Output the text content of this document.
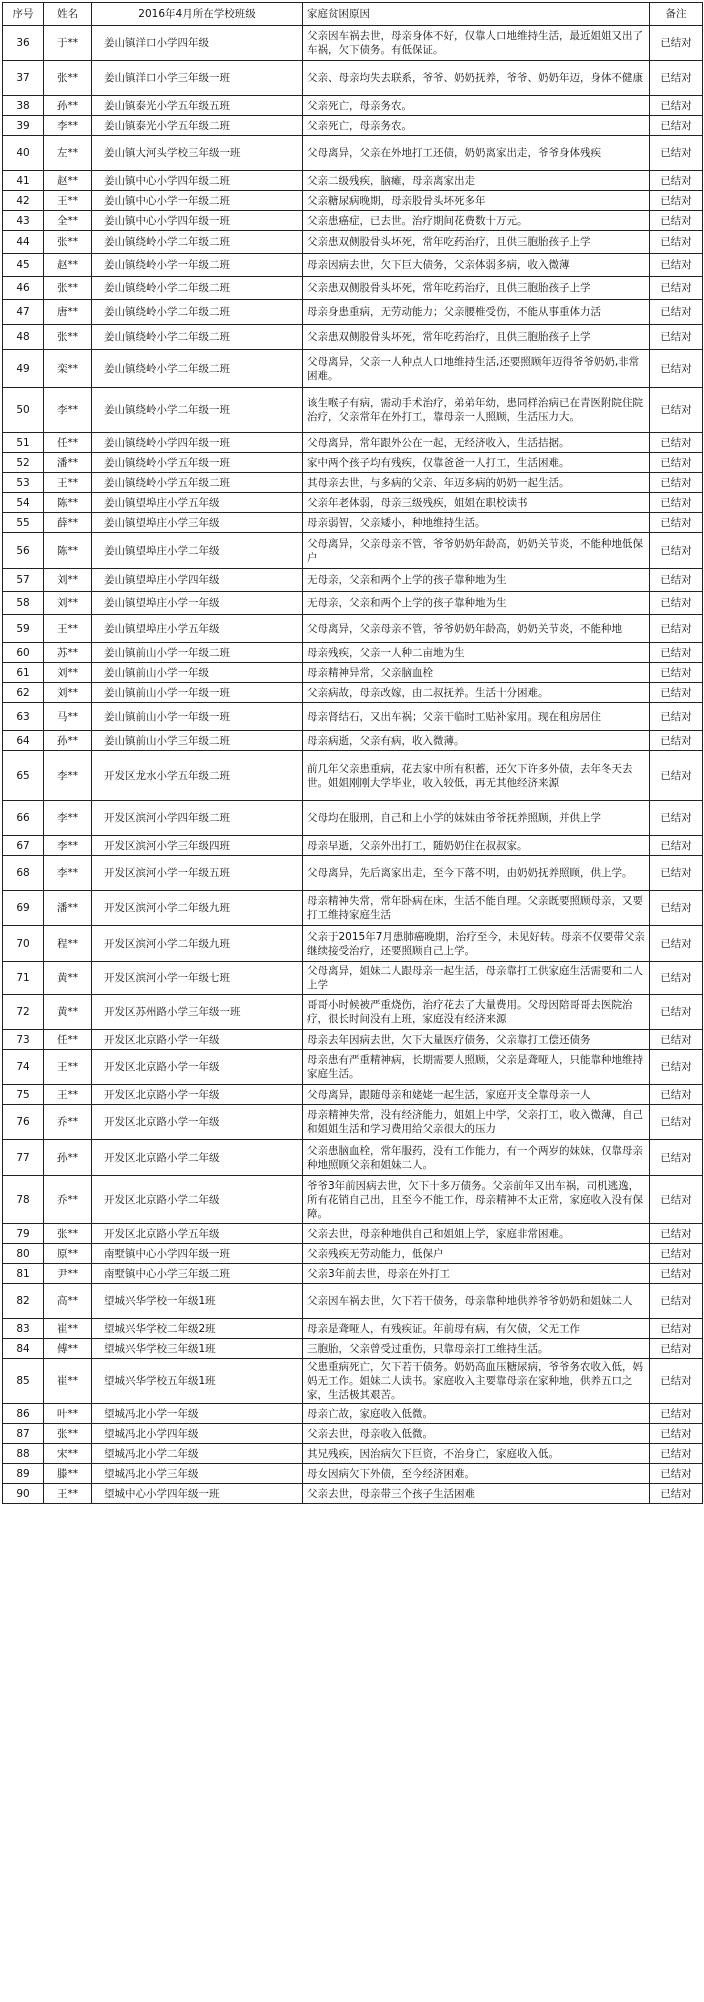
序号	姓名	2016年4月所在学校班级	家庭贫困原因	备注
36	于**	姜山镇洋口小学四年级	父亲因车祸去世，母亲身体不好，仅靠人口地维持生活，最近姐姐又出了车祸，欠下债务。有低保证。	已结对
37	张**	姜山镇洋口小学三年级一班	父亲、母亲均失去联系，爷爷、奶奶抚养，爷爷、奶奶年迈，身体不健康	已结对
38	孙**	姜山镇泰光小学五年级五班	父亲死亡，母亲务农。	已结对
39	李**	姜山镇泰光小学五年级二班	父亲死亡，母亲务农。	已结对
40	左**	姜山镇大河头学校三年级一班	父母离异，父亲在外地打工还债，奶奶离家出走，爷爷身体残疾	已结对
41	赵**	姜山镇中心小学四年级二班	父亲二级残疾，脑瘫，母亲离家出走	已结对
42	王**	姜山镇中心小学一年级二班	父亲糖尿病晚期，母亲股骨头坏死多年	已结对
43	全**	姜山镇中心小学四年级一班	父亲患癌症，已去世。治疗期间花费数十万元。	已结对
44	张**	姜山镇绕岭小学二年级二班	父亲患双侧股骨头坏死，常年吃药治疗，且供三胞胎孩子上学	已结对
45	赵**	姜山镇绕岭小学一年级二班	母亲因病去世，欠下巨大债务，父亲体弱多病，收入微薄	已结对
46	张**	姜山镇绕岭小学二年级二班	父亲患双侧股骨头坏死，常年吃药治疗，且供三胞胎孩子上学	已结对
47	唐**	姜山镇绕岭小学二年级二班	母亲身患重病，无劳动能力；父亲腰椎受伤，不能从事重体力活	已结对
48	张**	姜山镇绕岭小学二年级二班	父亲患双侧股骨头坏死，常年吃药治疗，且供三胞胎孩子上学	已结对
49	栾**	姜山镇绕岭小学二年级二班	父母离异，父亲一人种点人口地维持生活,还要照顾年迈得爷爷奶奶,非常困难。	已结对
50	李**	姜山镇绕岭小学二年级一班	该生喉子有病，需动手术治疗，弟弟年幼，患同样治病已在青医附院住院治疗，父亲常年在外打工，靠母亲一人照顾，生活压力大。	已结对
51	任**	姜山镇绕岭小学四年级一班	父母离异，常年跟外公在一起，无经济收入，生活拮据。	已结对
52	潘**	姜山镇绕岭小学五年级一班	家中两个孩子均有残疾，仅靠爸爸一人打工，生活困难。	已结对
53	王**	姜山镇绕岭小学五年级二班	其母亲去世，与多病的父亲、年迈多病的奶奶一起生活。	已结对
54	陈**	姜山镇望埠庄小学五年级	父亲年老体弱，母亲三级残疾，姐姐在职校读书	已结对
55	薛**	姜山镇望埠庄小学三年级	母亲弱智，父亲矮小，种地维持生活。	已结对
56	陈**	姜山镇望埠庄小学二年级	父母离异，父亲母亲不管，爷爷奶奶年龄高，奶奶关节炎，不能种地低保户	已结对
57	刘**	姜山镇望埠庄小学四年级	无母亲，父亲和两个上学的孩子靠种地为生	已结对
58	刘**	姜山镇望埠庄小学一年级	无母亲，父亲和两个上学的孩子靠种地为生	已结对
59	王**	姜山镇望埠庄小学五年级	父母离异，父亲母亲不管，爷爷奶奶年龄高，奶奶关节炎，不能种地	已结对
60	苏**	姜山镇前山小学一年级二班	母亲残疾，父亲一人种二亩地为生	已结对
61	刘**	姜山镇前山小学一年级	母亲精神异常，父亲脑血栓	已结对
62	刘**	姜山镇前山小学一年级一班	父亲病故，母亲改嫁，由二叔抚养。生活十分困难。	已结对
63	马**	姜山镇前山小学一年级一班	母亲肾结石，又出车祸；父亲干临时工贴补家用。现在租房居住	已结对
64	孙**	姜山镇前山小学三年级二班	母亲病逝，父亲有病，收入微薄。	已结对
65	李**	开发区龙水小学五年级二班	前几年父亲患重病，花去家中所有积蓄，还欠下许多外债，去年冬天去世。姐姐刚刚大学毕业，收入较低，再无其他经济来源	已结对
66	李**	开发区滨河小学四年级二班	父母均在服刑，自己和上小学的妹妹由爷爷抚养照顾，并供上学	已结对
67	李**	开发区滨河小学三年级四班	母亲早逝，父亲外出打工，随奶奶住在叔叔家。	已结对
68	李**	开发区滨河小学一年级五班	父母离异，先后离家出走，至今下落不明，由奶奶抚养照顾，供上学。	已结对
69	潘**	开发区滨河小学二年级九班	母亲精神失常，常年卧病在床，生活不能自理。父亲既要照顾母亲，又要打工维持家庭生活	已结对
70	程**	开发区滨河小学二年级九班	父亲于2015年7月患肺癌晚期，治疗至今，未见好转。母亲不仅要带父亲继续接受治疗，还要照顾自己上学。	已结对
71	黄**	开发区滨河小学一年级七班	父母离异，姐妹二人跟母亲一起生活，母亲靠打工供家庭生活需要和二人上学	已结对
72	黄**	开发区苏州路小学三年级一班	哥哥小时候被严重烧伤，治疗花去了大量费用。父母因陪哥哥去医院治疗，很长时间没有上班，家庭没有经济来源	已结对
73	任**	开发区北京路小学一年级	母亲去年因病去世，欠下大量医疗债务，父亲靠打工偿还债务	已结对
74	王**	开发区北京路小学一年级	母亲患有严重精神病，长期需要人照顾，父亲是聋哑人，只能靠种地维持家庭生活。	已结对
75	王**	开发区北京路小学一年级	父母离异，跟随母亲和姥姥一起生活，家庭开支全靠母亲一人	已结对
76	乔**	开发区北京路小学一年级	母亲精神失常，没有经济能力，姐姐上中学，父亲打工，收入微薄，自己和姐姐生活和学习费用给父亲很大的压力	已结对
77	孙**	开发区北京路小学二年级	父亲患脑血栓，常年服药，没有工作能力，有一个两岁的妹妹，仅靠母亲种地照顾父亲和姐妹二人。	已结对
78	乔**	开发区北京路小学二年级	爷爷3年前因病去世，欠下十多万债务。父亲前年又出车祸，司机逃逸，所有花销自己出，且至今不能工作，母亲精神不太正常，家庭收入没有保障。	已结对
79	张**	开发区北京路小学五年级	父亲去世，母亲种地供自己和姐姐上学，家庭非常困难。	已结对
80	原**	南墅镇中心小学四年级一班	父亲残疾无劳动能力，低保户	已结对
81	尹**	南墅镇中心小学三年级二班	父亲3年前去世，母亲在外打工	已结对
82	高**	望城兴华学校一年级1班	父亲因车祸去世，欠下若干债务，母亲靠种地供养爷爷奶奶和姐妹二人	已结对
83	崔**	望城兴华学校二年级2班	母亲是聋哑人，有残疾证。年前母有病，有欠债，父无工作	已结对
84	傅**	望城兴华学校三年级1班	三胞胎，父亲曾受过重伤，只靠母亲打工维持生活。	已结对
85	崔**	望城兴华学校五年级1班	父患重病死亡，欠下若干债务。奶奶高血压糖尿病，爷爷务农收入低，妈妈无工作。姐妹二人读书。家庭收入主要靠母亲在家种地，供养五口之家，生活极其艰苦。	已结对
86	叶**	望城冯北小学一年级	母亲亡故，家庭收入低微。	已结对
87	张**	望城冯北小学四年级	父亲去世，母亲收入低微。	已结对
88	宋**	望城冯北小学二年级	其兄残疾，因治病欠下巨资，不治身亡，家庭收入低。	已结对
89	滕**	望城冯北小学三年级	母女因病欠下外债，至今经济困难。	已结对
90	王**	望城中心小学四年级一班	父亲去世，母亲带三个孩子生活困难	已结对
